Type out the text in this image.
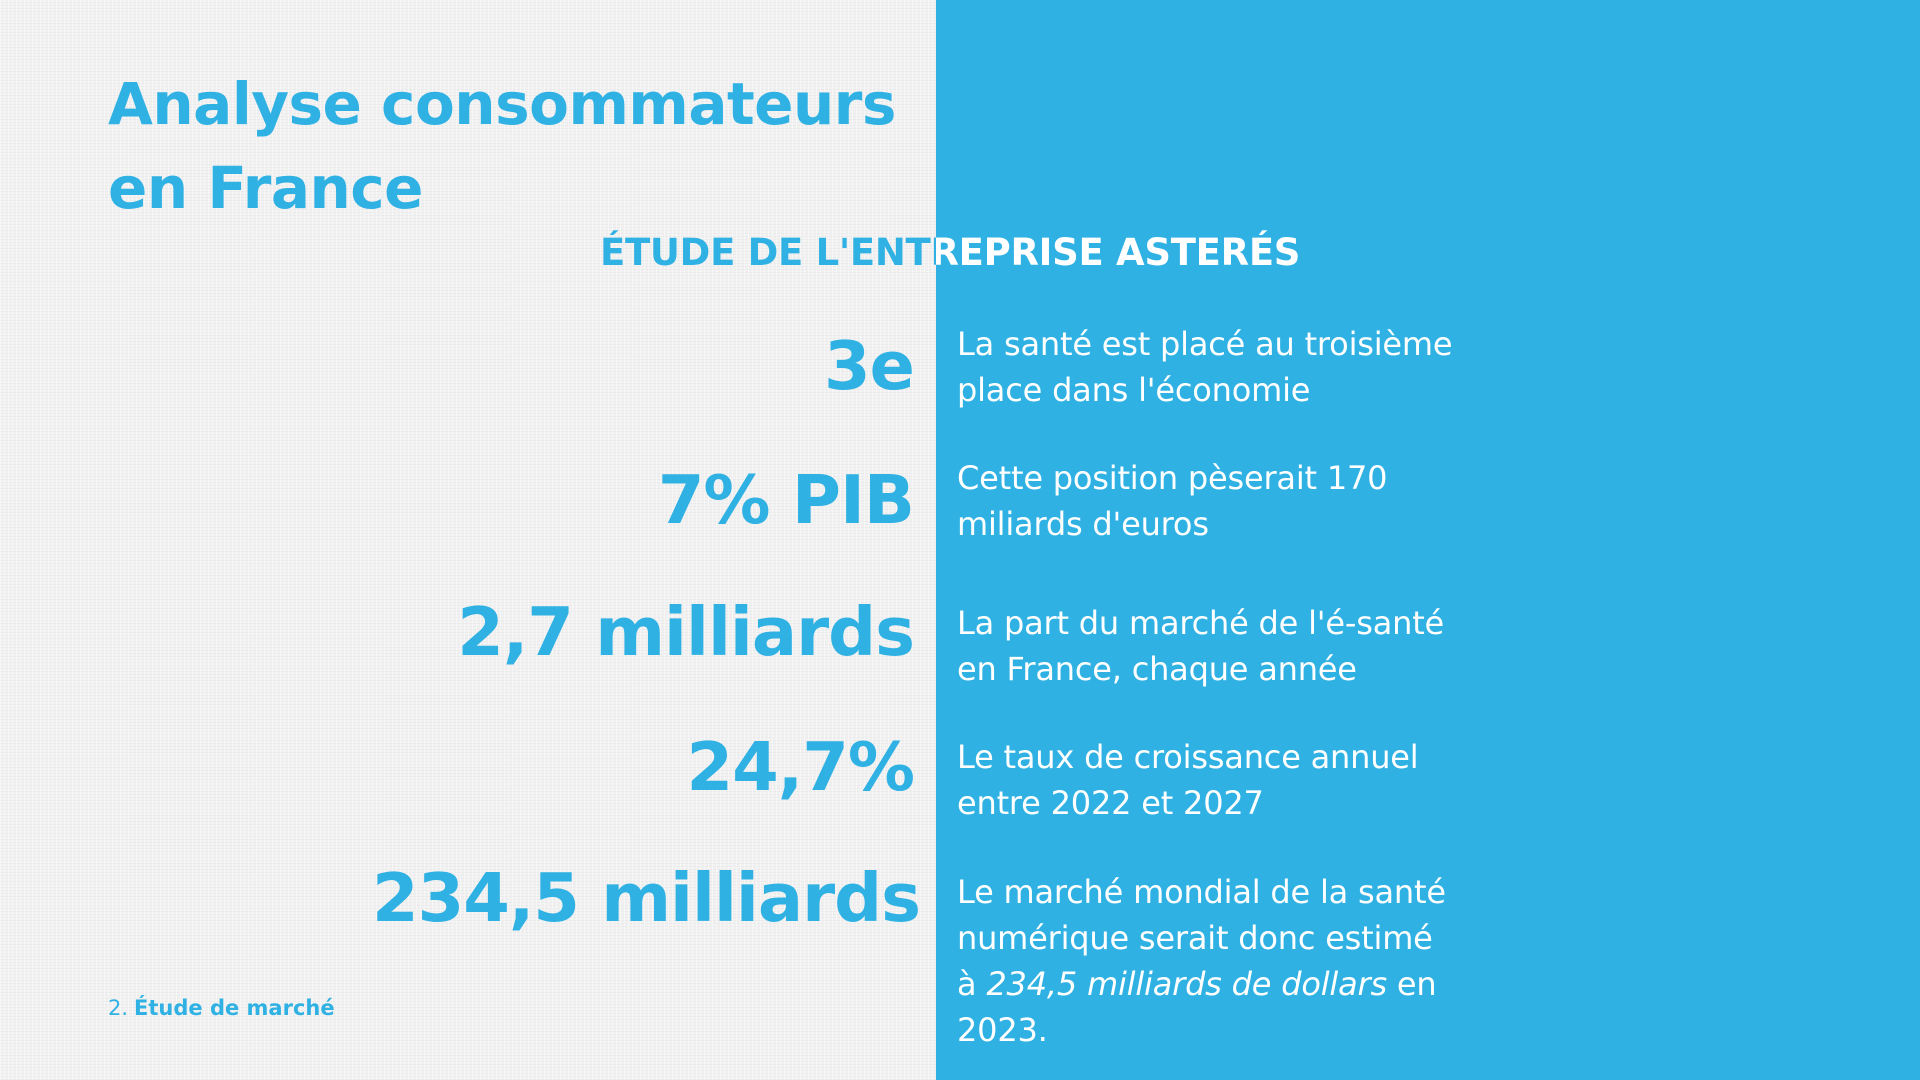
Analyse consommateurs
en France
ÉTUDE DE L'ENTREPRISE ASTERÉS
3e La santé est placé au troisième
place dans l'économie
7% PIB Cette position pèserait 170
miliards d'euros
2,7 milliards La part du marché de l'é-santé
en France, chaque année
24,7% Le taux de croissance annuel
entre 2022 et 2027
234,5 milliards Le marché mondial de la santé
numérique serait donc estimé
à 234,5 milliards de dollars en
2023.
2. Étude de marché
